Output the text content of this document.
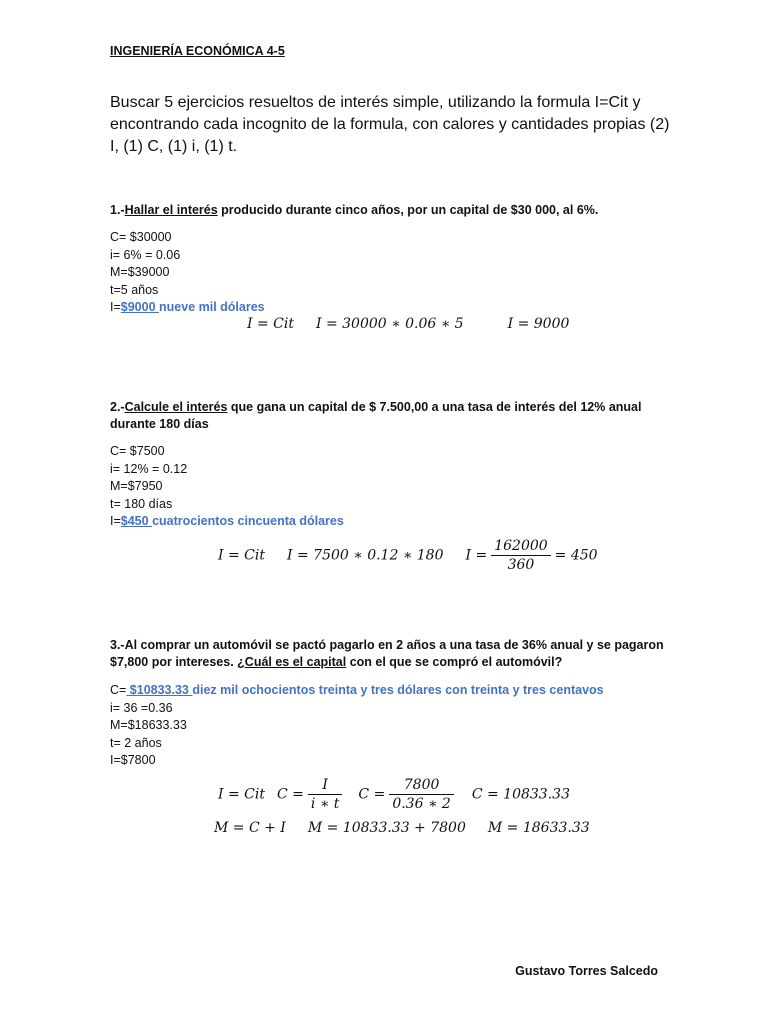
INGENIERÍA ECONÓMICA 4-5
Buscar 5 ejercicios resueltos de interés simple, utilizando la formula I=Cit y encontrando cada incognito de la formula, con calores y cantidades propias (2) I, (1) C, (1) i, (1) t.
1.-Hallar el interés producido durante cinco años, por un capital de $30 000, al 6%.
C= $30000
i= 6% = 0.06
M=$39000
t=5 años
I=$9000 nueve mil dólares
I = Cit I = 30000 ∗ 0.06 ∗ 5	I = 9000
2.-Calcule el interés que gana un capital de $ 7.500,00 a una tasa de interés del 12% anual durante 180 días
C= $7500
i= 12% = 0.12
M=$7950
t= 180 días
I=$450 cuatrocientos cincuenta dólares
I = Cit I = 7500 ∗ 0.12 ∗ 180 $I = \frac{162000}{360} = 450$
3.-Al comprar un automóvil se pactó pagarlo en 2 años a una tasa de 36% anual y se pagaron $7,800 por intereses. ¿Cuál es el capital con el que se compró el automóvil?
C= $10833.33 diez mil ochocientos treinta y tres dólares con treinta y tres centavos
i= 36 =0.36
M=$18633.33
t= 2 años
I=$7800
I = Cit $C = \frac{I}{i ∗ t}$ $C = \frac{7800}{0.36 ∗ 2}$ C = 10833.33
M = C + I M = 10833.33 + 7800 M = 18633.33
Gustavo Torres Salcedo
